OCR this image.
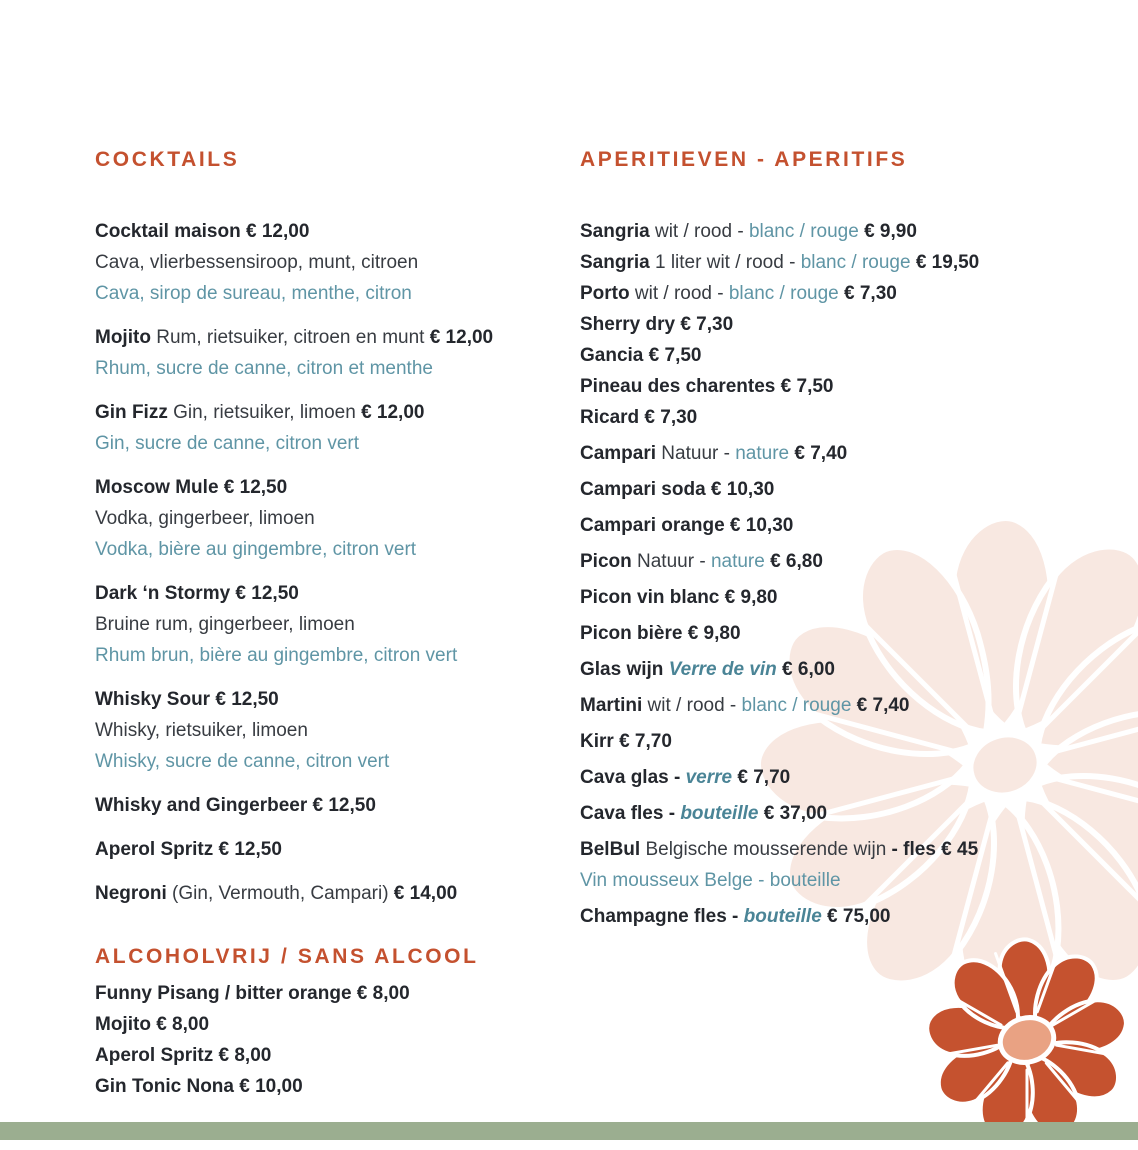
COCKTAILS

Cocktail maison € 12,00

Cava, vlierbessensiroop, munt, citroen

Cava, sirop de sureau, menthe, citron

Mojito Rum, rietsuiker, citroen en munt € 12,00

Rhum, sucre de canne, citron et menthe

Gin Fizz Gin, rietsuiker, limoen € 12,00

Gin, sucre de canne, citron vert

Moscow Mule € 12,50

Vodka, gingerbeer, limoen

Vodka, bière au gingembre, citron vert

Dark ‘n Stormy € 12,50

Bruine rum, gingerbeer, limoen

Rhum brun, bière au gingembre, citron vert

Whisky Sour € 12,50

Whisky, rietsuiker, limoen

Whisky, sucre de canne, citron vert

Whisky and Gingerbeer € 12,50

Aperol Spritz € 12,50

Negroni (Gin, Vermouth, Campari) € 14,00

ALCOHOLVRIJ / SANS ALCOOL

Funny Pisang / bitter orange € 8,00

Mojito € 8,00

Aperol Spritz € 8,00

Gin Tonic Nona € 10,00

APERITIEVEN - APERITIFS

Sangria wit / rood - blanc / rouge € 9,90

Sangria 1 liter wit / rood - blanc / rouge € 19,50

Porto wit / rood - blanc / rouge € 7,30

Sherry dry € 7,30

Gancia € 7,50

Pineau des charentes € 7,50

Ricard € 7,30

Campari Natuur - nature € 7,40

Campari soda € 10,30

Campari orange € 10,30

Picon Natuur - nature € 6,80

Picon vin blanc € 9,80

Picon bière € 9,80

Glas wijn Verre de vin € 6,00

Martini wit / rood - blanc / rouge € 7,40

Kirr € 7,70

Cava glas - verre € 7,70

Cava fles - bouteille € 37,00

BelBul Belgische mousserende wijn - fles € 45

Vin mousseux Belge - bouteille

Champagne fles - bouteille € 75,00
